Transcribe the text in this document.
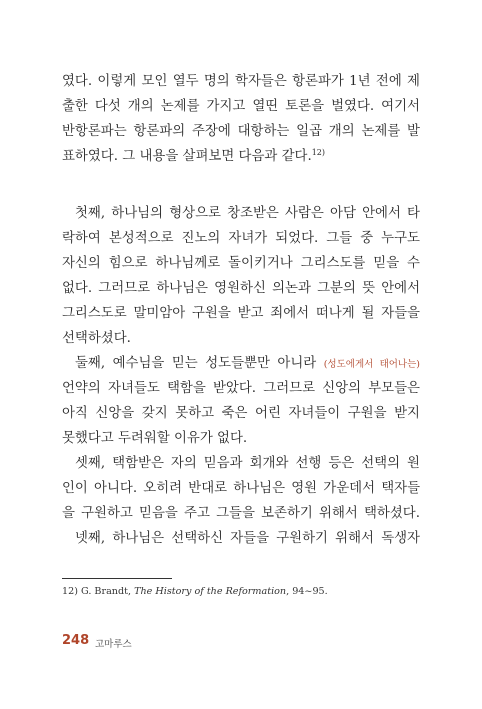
였다. 이렇게 모인 열두 명의 학자들은 항론파가 1년 전에 제
출한 다섯 개의 논제를 가지고 열띤 토론을 벌였다. 여기서
반항론파는 항론파의 주장에 대항하는 일곱 개의 논제를 발
표하였다. 그 내용을 살펴보면 다음과 같다.$^{12)}$
첫째, 하나님의 형상으로 창조받은 사람은 아담 안에서 타
락하여 본성적으로 진노의 자녀가 되었다. 그들 중 누구도
자신의 힘으로 하나님께로 돌이키거나 그리스도를 믿을 수
없다. 그러므로 하나님은 영원하신 의논과 그분의 뜻 안에서
그리스도로 말미암아 구원을 받고 죄에서 떠나게 될 자들을
선택하셨다.
둘째, 예수님을 믿는 성도들뿐만 아니라 (성도에게서 태어나는)
언약의 자녀들도 택함을 받았다. 그러므로 신앙의 부모들은
아직 신앙을 갖지 못하고 죽은 어린 자녀들이 구원을 받지
못했다고 두려워할 이유가 없다.
셋째, 택함받은 자의 믿음과 회개와 선행 등은 선택의 원
인이 아니다. 오히려 반대로 하나님은 영원 가운데서 택자들
을 구원하고 믿음을 주고 그들을 보존하기 위해서 택하셨다.
넷째, 하나님은 선택하신 자들을 구원하기 위해서 독생자
12) G. Brandt, The History of the Reformation, 94~95.
248 고마루스
